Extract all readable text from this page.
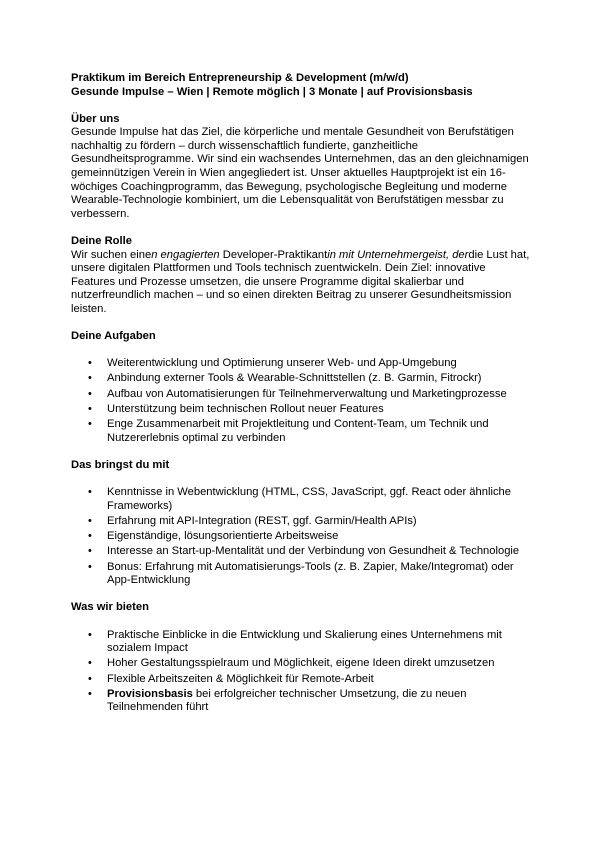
Praktikum im Bereich Entrepreneurship & Development (m/w/d)
Gesunde Impulse – Wien | Remote möglich | 3 Monate | auf Provisionsbasis
Über uns

Gesunde Impulse hat das Ziel, die körperliche und mentale Gesundheit von Berufstätigen nachhaltig zu fördern – durch wissenschaftlich fundierte, ganzheitliche Gesundheitsprogramme. Wir sind ein wachsendes Unternehmen, das an den gleichnamigen gemeinnützigen Verein in Wien angegliedert ist. Unser aktuelles Hauptprojekt ist ein 16-wöchiges Coachingprogramm, das Bewegung, psychologische Begleitung und moderne Wearable-Technologie kombiniert, um die Lebensqualität von Berufstätigen messbar zu verbessern.

Deine Rolle

Wir suchen einen engagierten Developer-Praktikantin mit Unternehmergeist, derdie Lust hat, unsere digitalen Plattformen und Tools technisch zuentwickeln. Dein Ziel: innovative Features und Prozesse umsetzen, die unsere Programme digital skalierbar und nutzerfreundlich machen – und so einen direkten Beitrag zu unserer Gesundheitsmission leisten.

Deine Aufgaben
•	Weiterentwicklung und Optimierung unserer Web- und App-Umgebung
•	Anbindung externer Tools & Wearable-Schnittstellen (z. B. Garmin, Fitrockr)
•	Aufbau von Automatisierungen für Teilnehmerverwaltung und Marketingprozesse
•	Unterstützung beim technischen Rollout neuer Features
•	Enge Zusammenarbeit mit Projektleitung und Content-Team, um Technik und Nutzererlebnis optimal zu verbinden
Das bringst du mit
•	Kenntnisse in Webentwicklung (HTML, CSS, JavaScript, ggf. React oder ähnliche Frameworks)
•	Erfahrung mit API-Integration (REST, ggf. Garmin/Health APIs)
•	Eigenständige, lösungsorientierte Arbeitsweise
•	Interesse an Start-up-Mentalität und der Verbindung von Gesundheit & Technologie
•	Bonus: Erfahrung mit Automatisierungs-Tools (z. B. Zapier, Make/Integromat) oder App-Entwicklung
Was wir bieten
•	Praktische Einblicke in die Entwicklung und Skalierung eines Unternehmens mit sozialem Impact
•	Hoher Gestaltungsspielraum und Möglichkeit, eigene Ideen direkt umzusetzen
•	Flexible Arbeitszeiten & Möglichkeit für Remote-Arbeit
•	Provisionsbasis bei erfolgreicher technischer Umsetzung, die zu neuen Teilnehmenden führt
